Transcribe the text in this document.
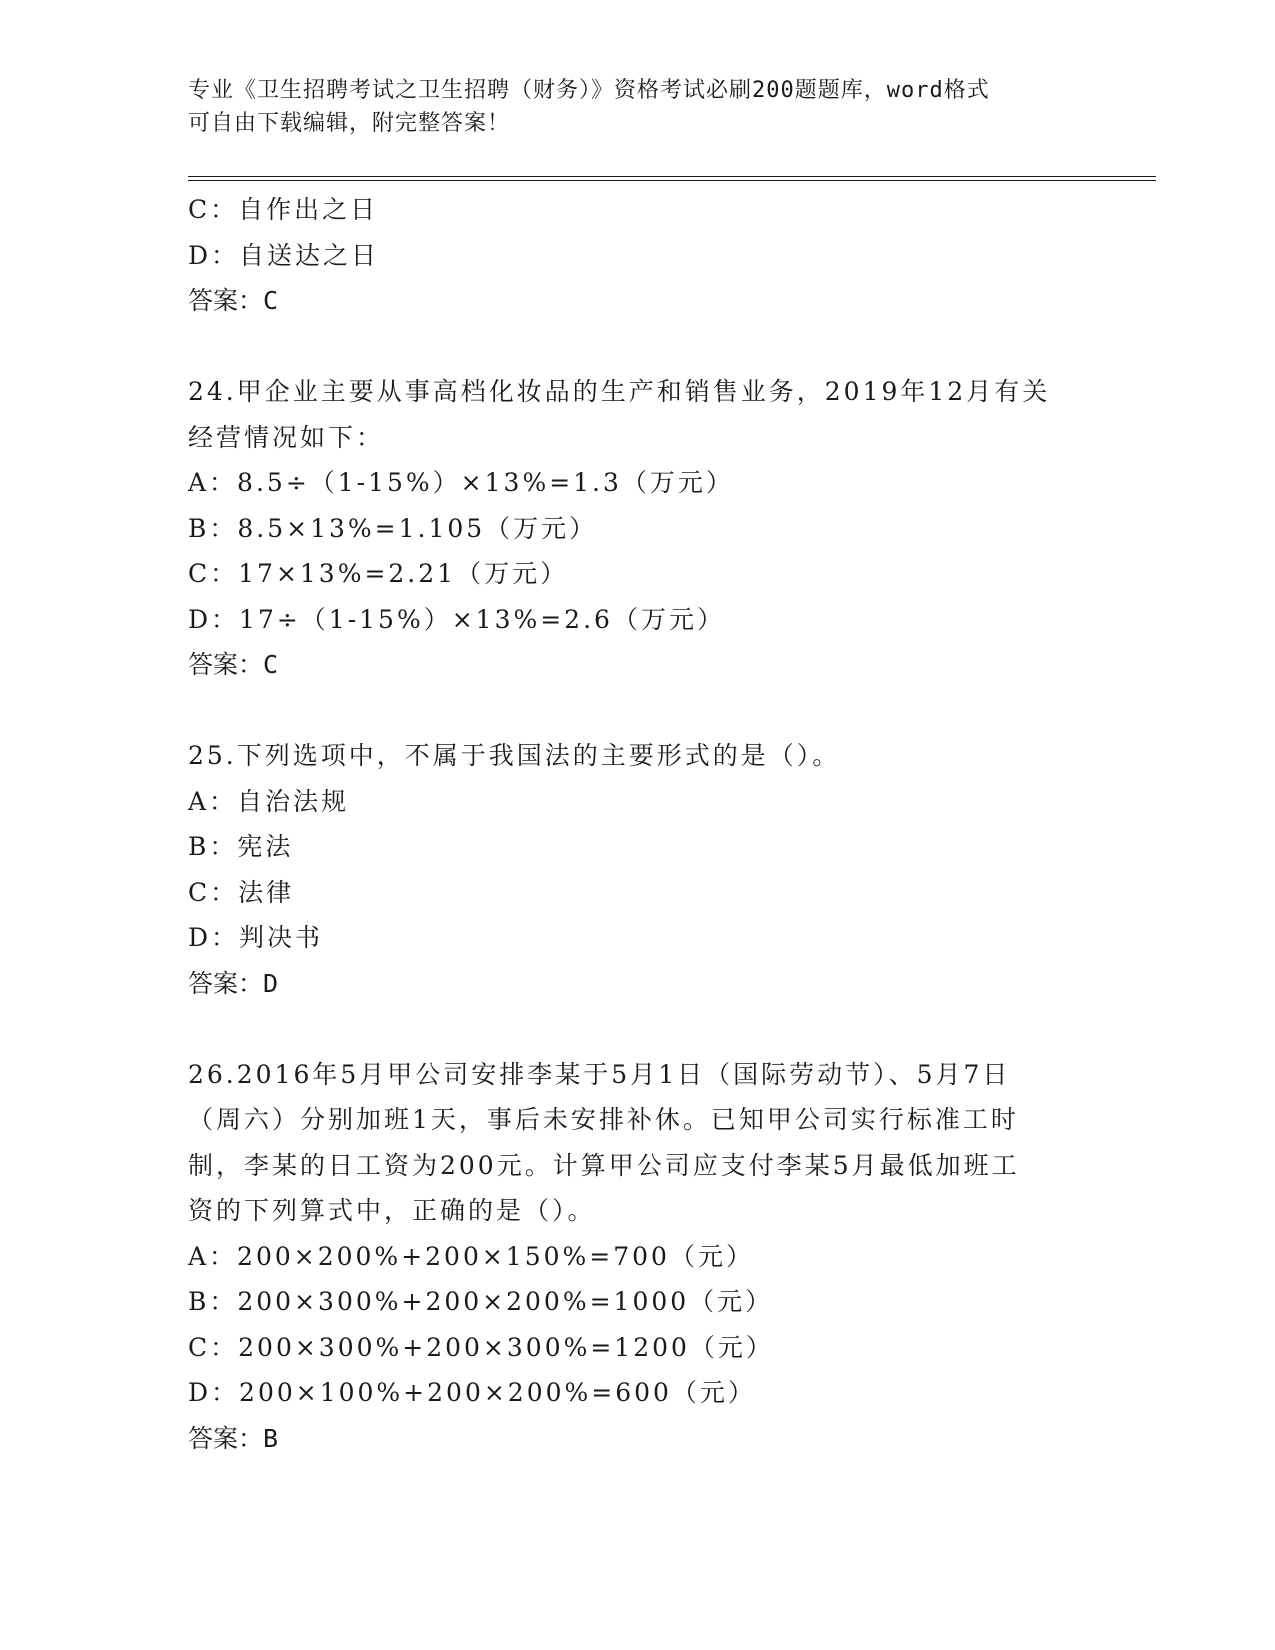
专业《卫生招聘考试之卫生招聘（财务）》资格考试必刷200题题库，word格式
可自由下载编辑，附完整答案！
C：自作出之日
D：自送达之日
答案：C
24.甲企业主要从事高档化妆品的生产和销售业务，2019年12月有关
经营情况如下：
A：8.5÷（1-15%）×13%=1.3（万元）
B：8.5×13%=1.105（万元）
C：17×13%=2.21（万元）
D：17÷（1-15%）×13%=2.6（万元）
答案：C
25.下列选项中，不属于我国法的主要形式的是（）。
A：自治法规
B：宪法
C：法律
D：判决书
答案：D
26.2016年5月甲公司安排李某于5月1日（国际劳动节）、5月7日
（周六）分别加班1天，事后未安排补休。已知甲公司实行标准工时
制，李某的日工资为200元。计算甲公司应支付李某5月最低加班工
资的下列算式中，正确的是（）。
A：200×200%+200×150%=700（元）
B：200×300%+200×200%=1000（元）
C：200×300%+200×300%=1200（元）
D：200×100%+200×200%=600（元）
答案：B
